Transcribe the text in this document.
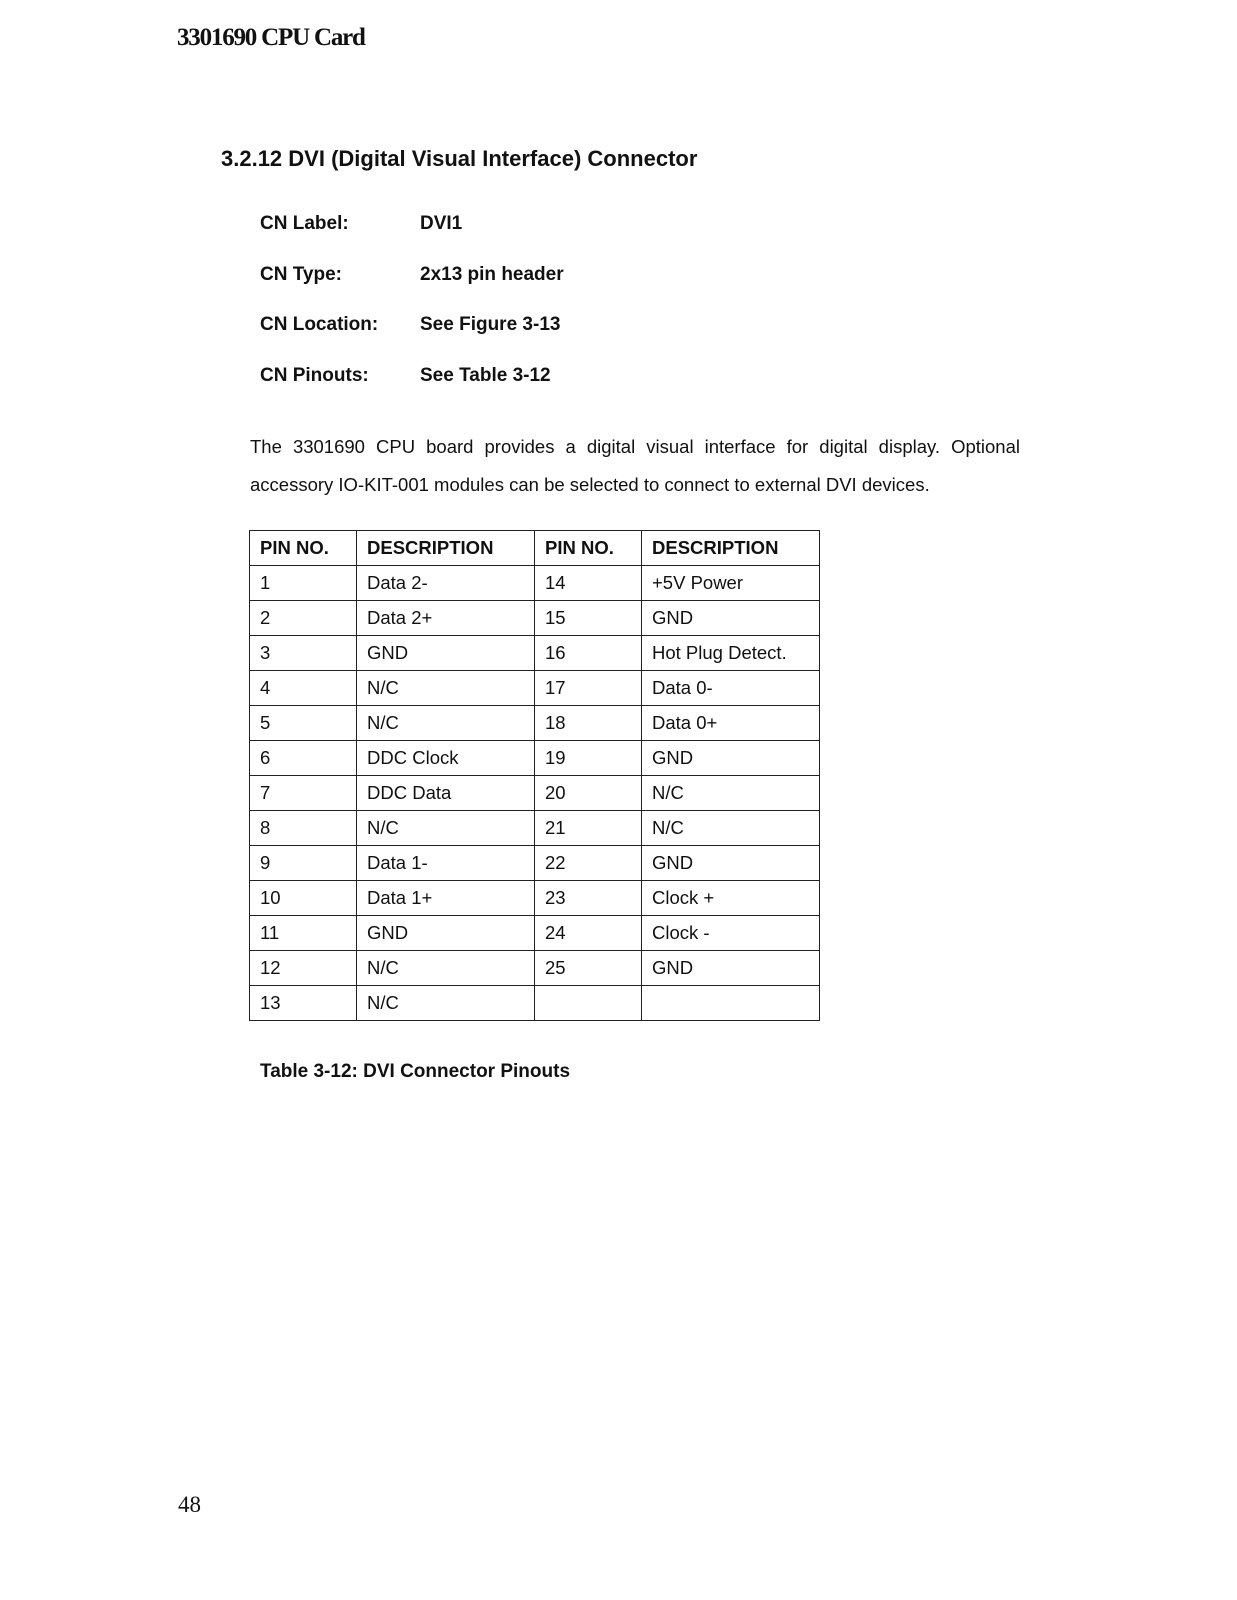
3301690 CPU Card
3.2.12 DVI (Digital Visual Interface) Connector
CN Label:	DVI1
CN Type:	2x13 pin header
CN Location:	See Figure 3-13
CN Pinouts:	See Table 3-12

The 3301690 CPU board provides a digital visual interface for digital display. Optional accessory IO-KIT-001 modules can be selected to connect to external DVI devices.

PIN NO.	DESCRIPTION	PIN NO.	DESCRIPTION
1	Data 2-	14	+5V Power
2	Data 2+	15	GND
3	GND	16	Hot Plug Detect.
4	N/C	17	Data 0-
5	N/C	18	Data 0+
6	DDC Clock	19	GND
7	DDC Data	20	N/C
8	N/C	21	N/C
9	Data 1-	22	GND
10	Data 1+	23	Clock +
11	GND	24	Clock -
12	N/C	25	GND
13	N/C		
Table 3-12: DVI Connector Pinouts
48
